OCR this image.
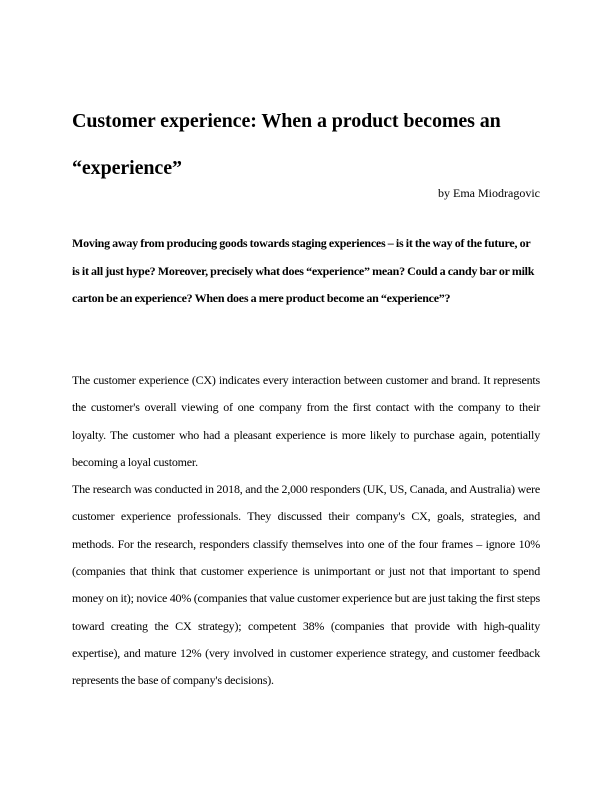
Customer experience: When a product becomes an “experience”

by Ema Miodragovic

Moving away from producing goods towards staging experiences – is it the way of the future, or is it all just hype? Moreover, precisely what does “experience” mean? Could a candy bar or milk carton be an experience? When does a mere product become an “experience”?

The customer experience (CX) indicates every interaction between customer and brand. It represents the customer's overall viewing of one company from the first contact with the company to their loyalty. The customer who had a pleasant experience is more likely to purchase again, potentially becoming a loyal customer.

The research was conducted in 2018, and the 2,000 responders (UK, US, Canada, and Australia) were customer experience professionals. They discussed their company's CX, goals, strategies, and methods. For the research, responders classify themselves into one of the four frames – ignore 10% (companies that think that customer experience is unimportant or just not that important to spend money on it); novice 40% (companies that value customer experience but are just taking the first steps toward creating the CX strategy); competent 38% (companies that provide with high-quality expertise), and mature 12% (very involved in customer experience strategy, and customer feedback represents the base of company's decisions).
